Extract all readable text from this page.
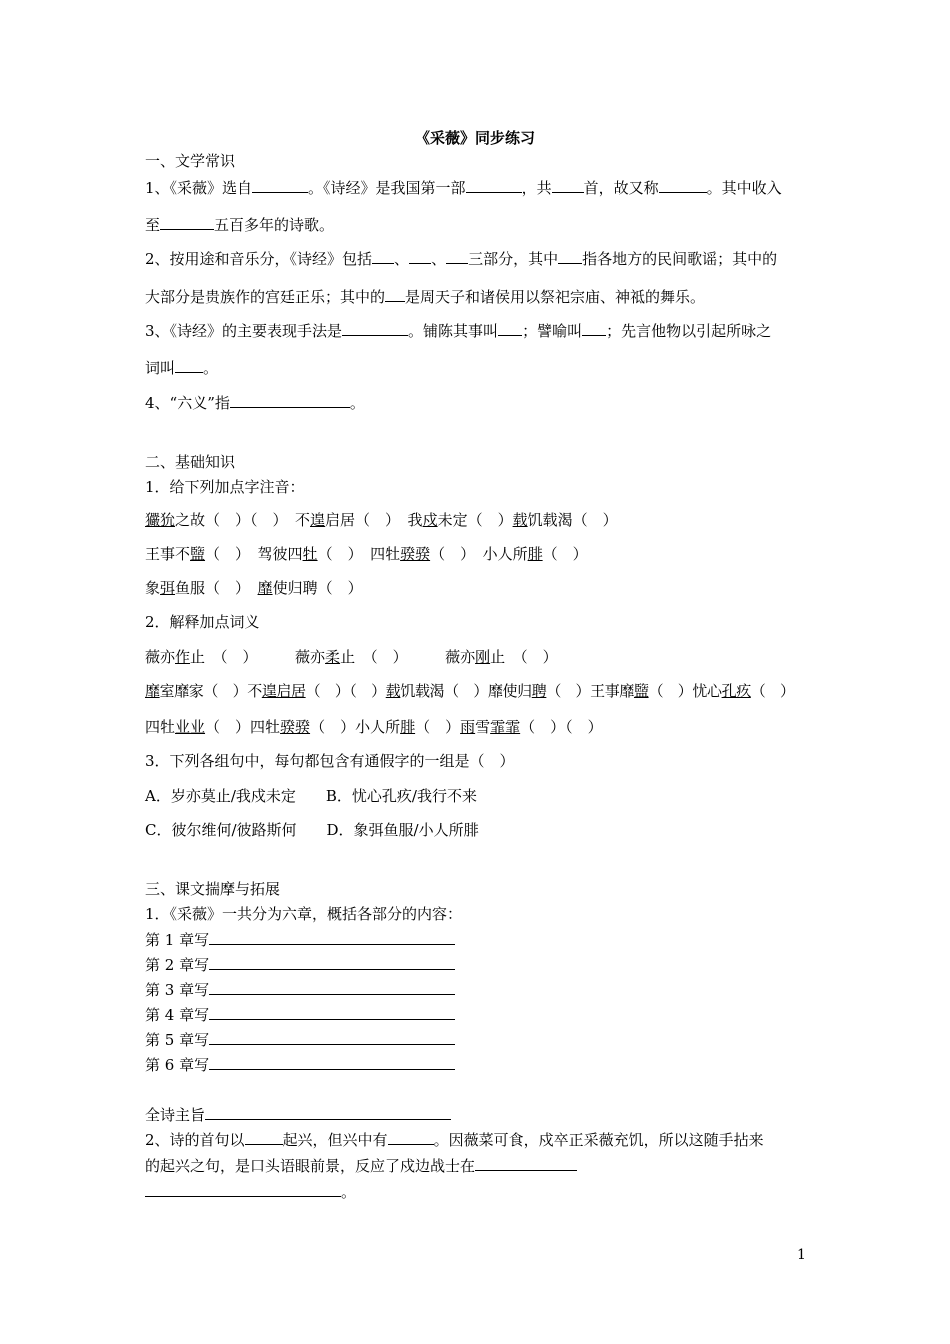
《采薇》同步练习
一、文学常识
1、《采薇》选自	。《诗经》是我国第一部	，共 首，故又称	。其中收入
至	五百多年的诗歌。
2、按用途和音乐分，《诗经》包括 、 、 三部分，其中 指各地方的民间歌谣；其中的
大部分是贵族作的宫廷正乐；其中的 是周天子和诸侯用以祭祀宗庙、神祗的舞乐。
3、《诗经》的主要表现手法是	。铺陈其事叫 ；譬喻叫 ；先言他物以引起所咏之
词叫 。
4、“六义”指	。
二、基础知识
1．给下列加点字注音：
玁狁之故（　）（　）　不遑启居（　）　我戍未定（　）载饥载渴（　）
王事不盬（　）　驾彼四牡（　）　四牡骙骙（　）　小人所腓（　）
象弭鱼服（　）　靡使归聘（　）
2．解释加点词义
薇亦作止　（　）　　　薇亦柔止　（　）　　　薇亦刚止　（　）
靡室靡家（　）不遑启居（　）（　）载饥载渴（　）靡使归聘（　）王事靡盬（　）忧心孔疚（　）
四牡业业（　）四牡骙骙（　）小人所腓（　）雨雪霏霏（　）（　）
3．下列各组句中，每句都包含有通假字的一组是（　）
A．岁亦莫止/我戍未定　　B．忧心孔疚/我行不来
C．彼尔维何/彼路斯何　　D．象弭鱼服/小人所腓
三、课文揣摩与拓展
1．《采薇》一共分为六章，概括各部分的内容：
第 1 章写
第 2 章写
第 3 章写
第 4 章写
第 5 章写
第 6 章写
全诗主旨
2、诗的首句以	起兴，但兴中有	。因薇菜可食，戍卒正采薇充饥，所以这随手拈来
的起兴之句，是口头语眼前景，反应了戍边战士在
。
1
